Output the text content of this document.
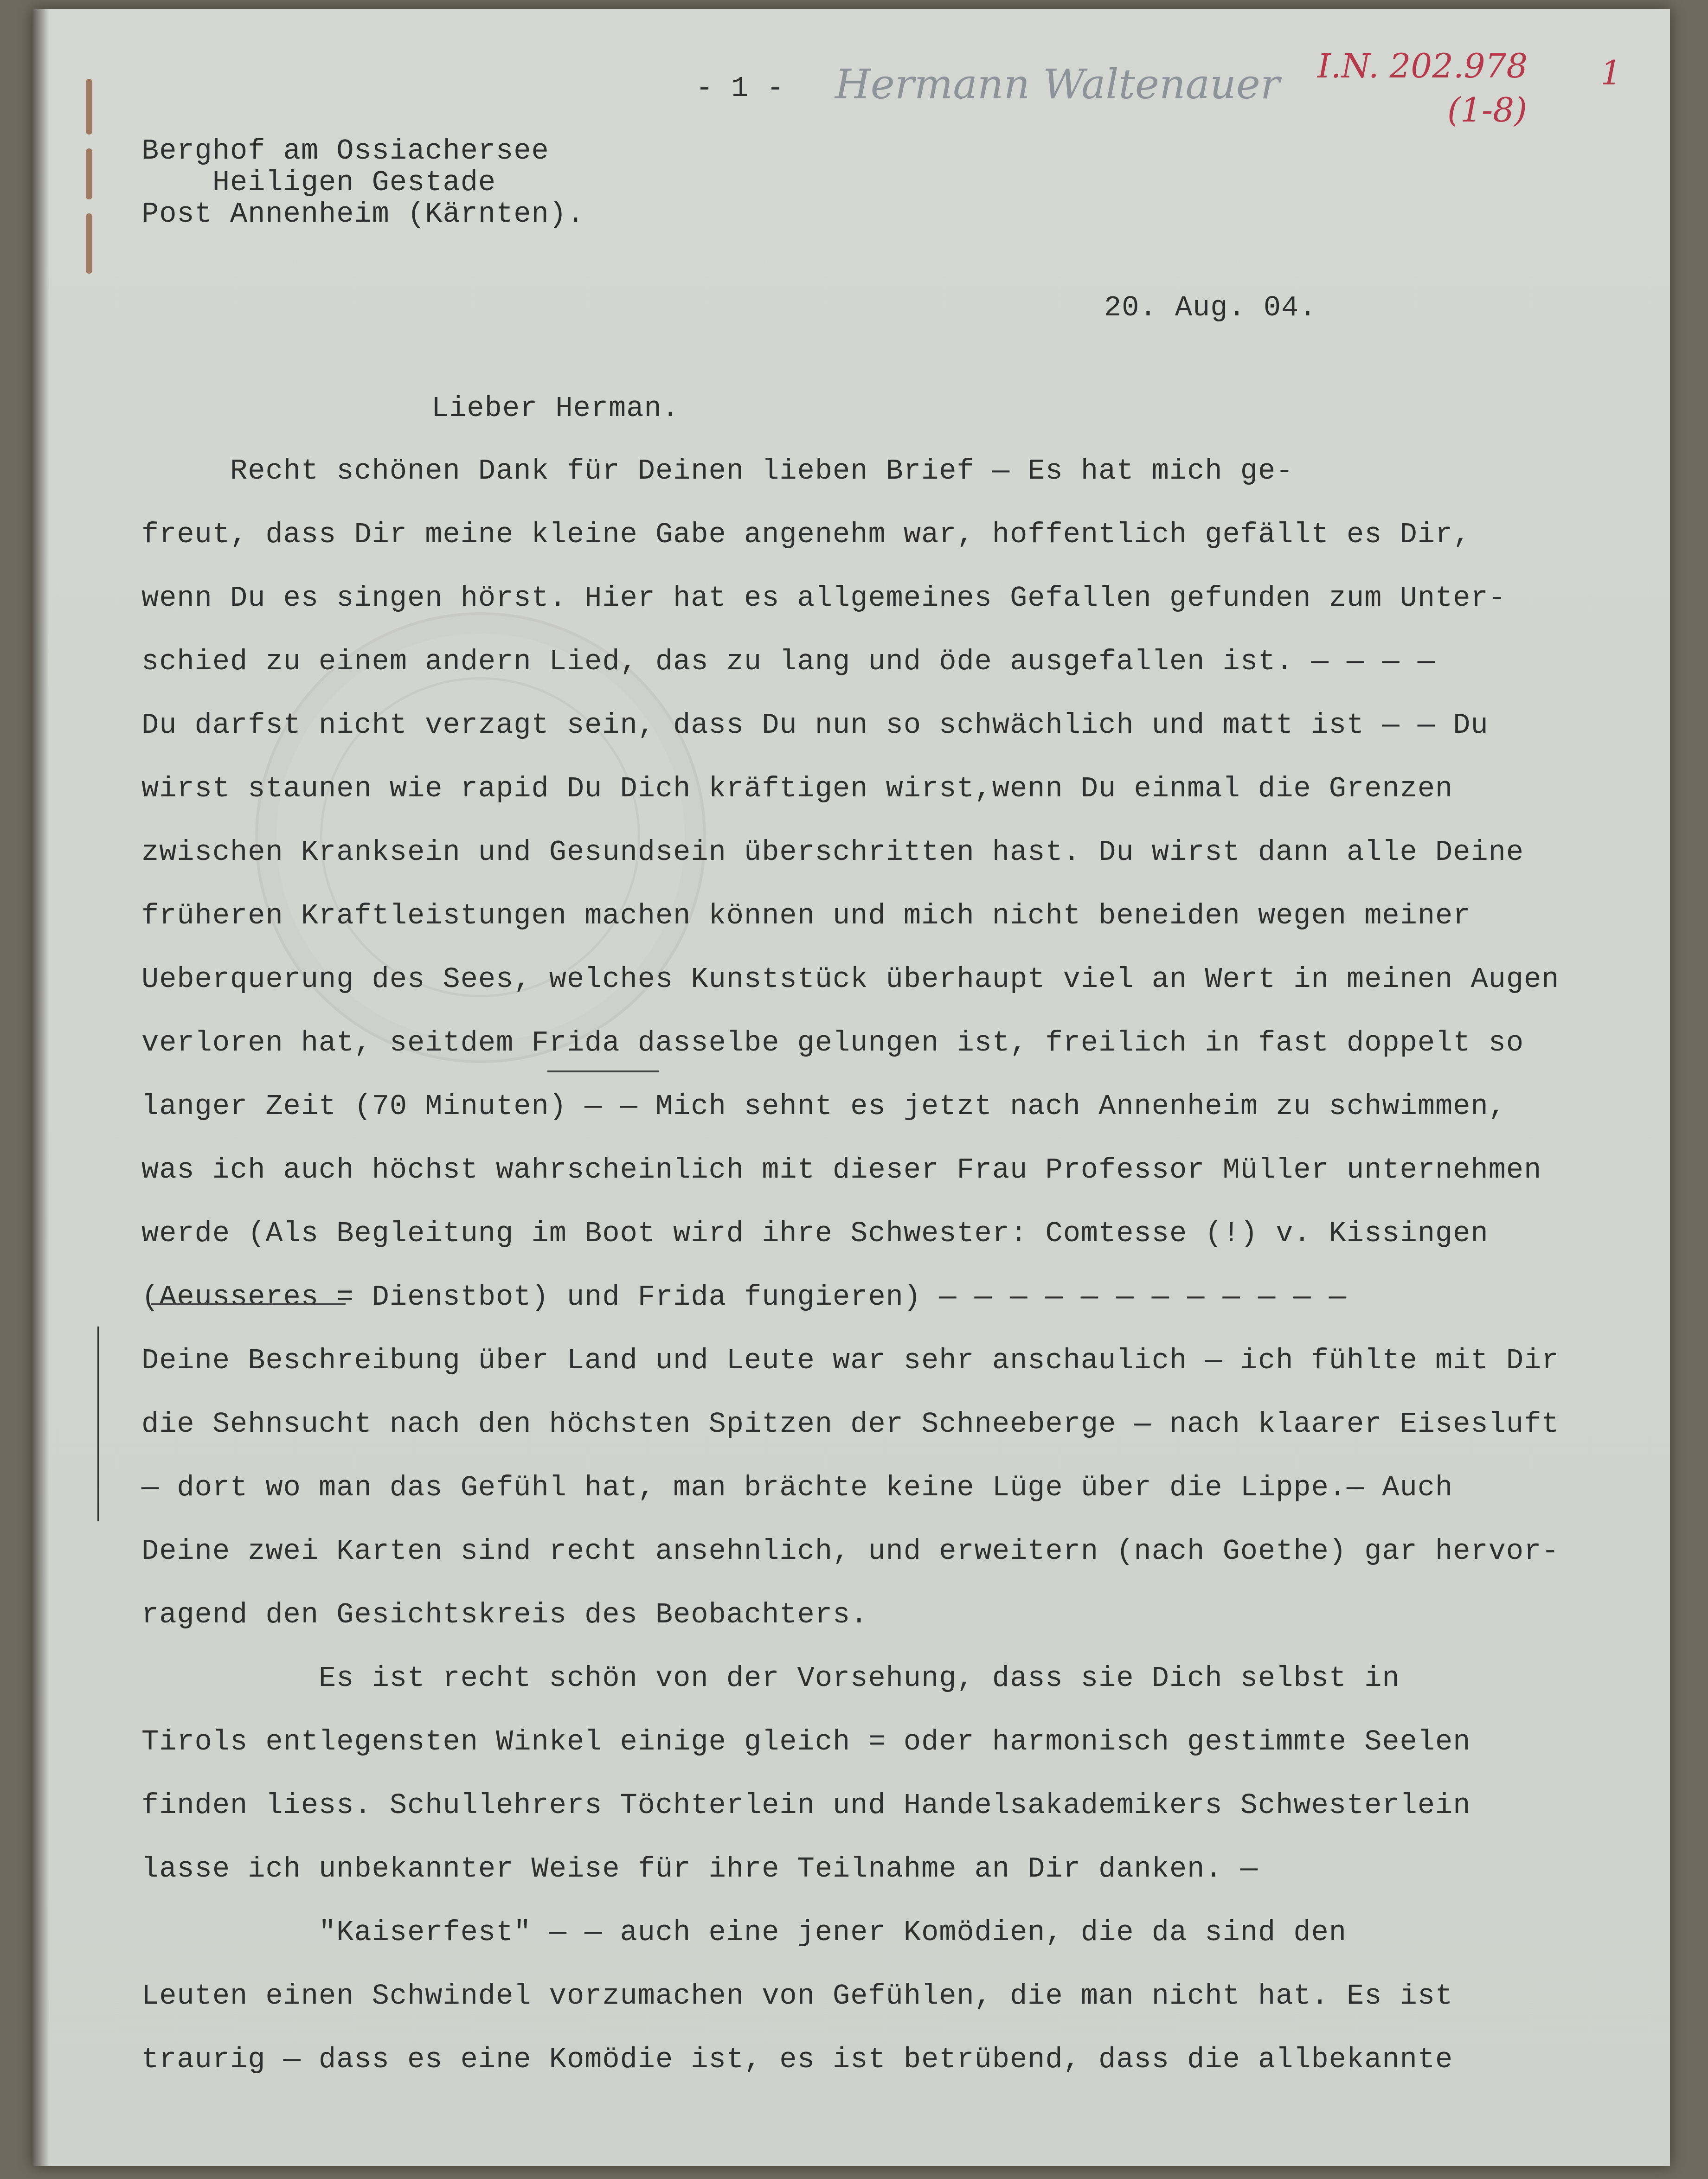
- 1 - Hermann Waltenauer I.N. 202.978
(1-8)
1
Berghof am Ossiachersee
Heiligen Gestade
Post Annenheim (Kärnten).
20. Aug. 04.
Lieber Herman.
Recht schönen Dank für Deinen lieben Brief — Es hat mich ge-
freut, dass Dir meine kleine Gabe angenehm war, hoffentlich gefällt es Dir,
wenn Du es singen hörst. Hier hat es allgemeines Gefallen gefunden zum Unter-
schied zu einem andern Lied, das zu lang und öde ausgefallen ist. — — — —
Du darfst nicht verzagt sein, dass Du nun so schwächlich und matt ist — — Du
wirst staunen wie rapid Du Dich kräftigen wirst,wenn Du einmal die Grenzen
zwischen Kranksein und Gesundsein überschritten hast. Du wirst dann alle Deine
früheren Kraftleistungen machen können und mich nicht beneiden wegen meiner
Ueberquerung des Sees, welches Kunststück überhaupt viel an Wert in meinen Augen
verloren hat, seitdem Frida dasselbe gelungen ist, freilich in fast doppelt so
langer Zeit (70 Minuten) — — Mich sehnt es jetzt nach Annenheim zu schwimmen,
was ich auch höchst wahrscheinlich mit dieser Frau Professor Müller unternehmen
werde (Als Begleitung im Boot wird ihre Schwester: Comtesse (!) v. Kissingen
(Aeusseres = Dienstbot) und Frida fungieren) — — — — — — — — — — — —
Deine Beschreibung über Land und Leute war sehr anschaulich — ich fühlte mit Dir
die Sehnsucht nach den höchsten Spitzen der Schneeberge — nach klaarer Eisesluft
— dort wo man das Gefühl hat, man brächte keine Lüge über die Lippe.— Auch
Deine zwei Karten sind recht ansehnlich, und erweitern (nach Goethe) gar hervor-
ragend den Gesichtskreis des Beobachters.
Es ist recht schön von der Vorsehung, dass sie Dich selbst in
Tirols entlegensten Winkel einige gleich = oder harmonisch gestimmte Seelen
finden liess. Schullehrers Töchterlein und Handelsakademikers Schwesterlein
lasse ich unbekannter Weise für ihre Teilnahme an Dir danken. —
"Kaiserfest" — — auch eine jener Komödien, die da sind den
Leuten einen Schwindel vorzumachen von Gefühlen, die man nicht hat. Es ist
traurig — dass es eine Komödie ist, es ist betrübend, dass die allbekannte
